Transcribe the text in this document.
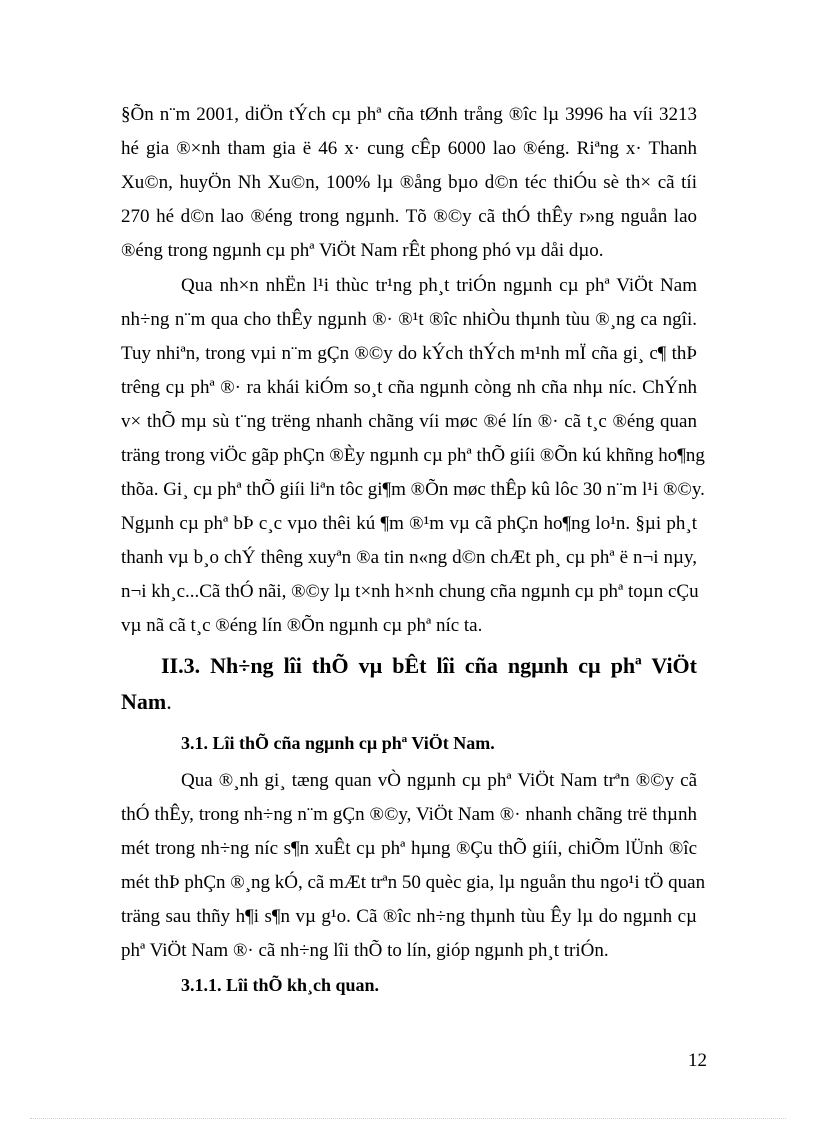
§Õn n¨m 2001, diÖn tÝch cµ phª cña tØnh trång ®îc lµ 3996 ha víi 3213
hé gia ®×nh tham gia ë 46 x· cung cÊp 6000 lao ®éng. Riªng x· Thanh
Xu©n, huyÖn Nh Xu©n, 100% lµ ®ång bµo d©n téc thiÓu sè th× cã tíi
270 hé d©n lao ®éng trong ngµnh. Tõ ®©y cã thÓ thÊy r»ng nguån lao
®éng trong ngµnh cµ phª ViÖt Nam rÊt phong phó vµ dåi dµo.
Qua nh×n nhËn l¹i thùc tr¹ng ph¸t triÓn ngµnh cµ phª ViÖt Nam
nh÷ng n¨m qua cho thÊy ngµnh ®· ®¹t ®îc nhiÒu thµnh tùu ®¸ng ca ngîi.
Tuy nhiªn, trong vµi n¨m gÇn ®©y do kÝch thÝch m¹nh mÏ cña gi¸ c¶ thÞ
trêng cµ phª ®· ra khái kiÓm so¸t cña ngµnh còng nh cña nhµ níc. ChÝnh
v× thÕ mµ sù t¨ng trëng nhanh chãng víi møc ®é lín ®· cã t¸c ®éng quan
träng trong viÖc gãp phÇn ®Èy ngµnh cµ phª thÕ giíi ®Õn kú khñng ho¶ng
thõa. Gi¸ cµ phª thÕ giíi liªn tôc gi¶m ®Õn møc thÊp kû lôc 30 n¨m l¹i ®©y.
Ngµnh cµ phª bÞ c¸c vµo thêi kú ¶m ®¹m vµ cã phÇn ho¶ng lo¹n. §µi ph¸t
thanh vµ b¸o chÝ thêng xuyªn ®a tin n«ng d©n chÆt ph¸ cµ phª ë n¬i nµy,
n¬i kh¸c...Cã thÓ nãi, ®©y lµ t×nh h×nh chung cña ngµnh cµ phª toµn cÇu
vµ nã cã t¸c ®éng lín ®Õn ngµnh cµ phª níc ta.
II.3. Nh÷ng lîi thÕ vµ bÊt lîi cña ngµnh cµ phª ViÖt
Nam.
3.1. Lîi thÕ cña ngµnh cµ phª ViÖt Nam.
Qua ®¸nh gi¸ tæng quan vÒ ngµnh cµ phª ViÖt Nam trªn ®©y cã
thÓ thÊy, trong nh÷ng n¨m gÇn ®©y, ViÖt Nam ®· nhanh chãng trë thµnh
mét trong nh÷ng níc s¶n xuÊt cµ phª hµng ®Çu thÕ giíi, chiÕm lÜnh ®îc
mét thÞ phÇn ®¸ng kÓ, cã mÆt trªn 50 quèc gia, lµ nguån thu ngo¹i tÖ quan
träng sau thñy h¶i s¶n vµ g¹o. Cã ®îc nh÷ng thµnh tùu Êy lµ do ngµnh cµ
phª ViÖt Nam ®· cã nh÷ng lîi thÕ to lín, gióp ngµnh ph¸t triÓn.
3.1.1. Lîi thÕ kh¸ch quan.
12
